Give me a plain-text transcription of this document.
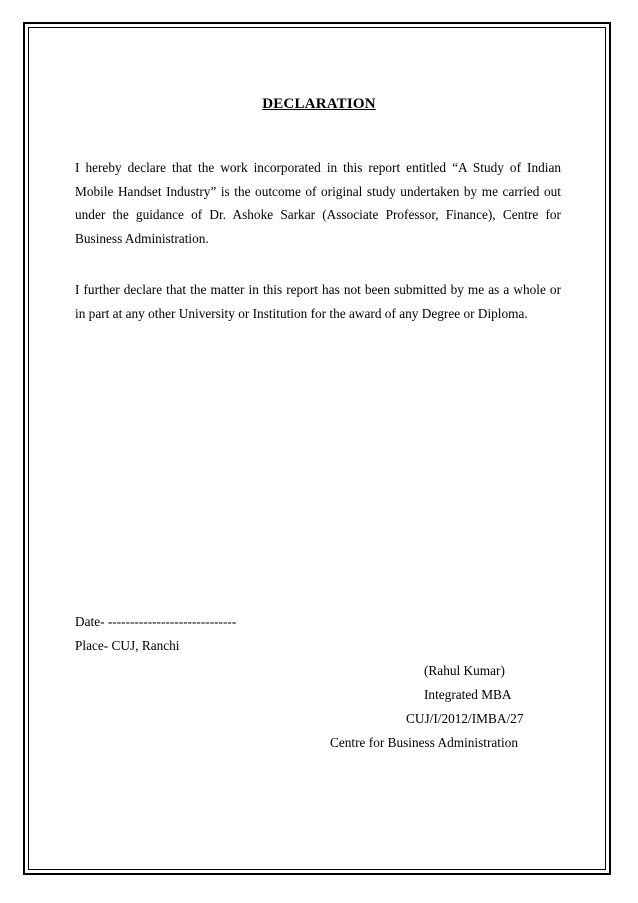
DECLARATION
I hereby declare that the work incorporated in this report entitled “A Study of Indian Mobile Handset Industry” is the outcome of original study undertaken by me carried out under the guidance of Dr. Ashoke Sarkar (Associate Professor, Finance), Centre for Business Administration.
I further declare that the matter in this report has not been submitted by me as a whole or in part at any other University or Institution for the award of any Degree or Diploma.
Date- -----------------------------
Place- CUJ, Ranchi
(Rahul Kumar)
Integrated MBA
CUJ/I/2012/IMBA/27
Centre for Business Administration
